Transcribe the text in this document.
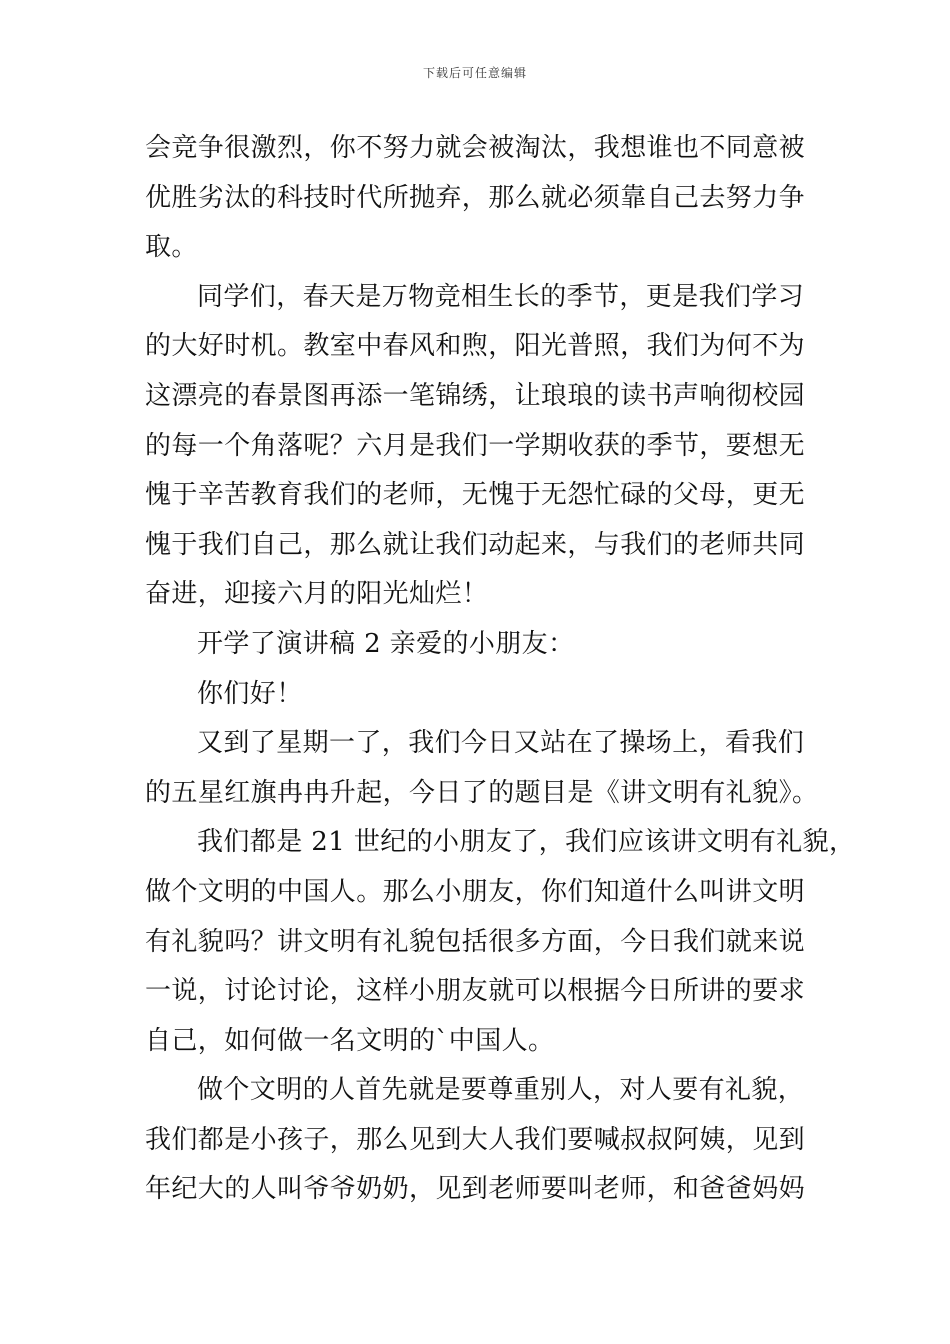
下载后可任意编辑
会竞争很激烈，你不努力就会被淘汰，我想谁也不同意被
优胜劣汰的科技时代所抛弃，那么就必须靠自己去努力争
取。
同学们，春天是万物竞相生长的季节，更是我们学习
的大好时机。教室中春风和煦，阳光普照，我们为何不为
这漂亮的春景图再添一笔锦绣，让琅琅的读书声响彻校园
的每一个角落呢？六月是我们一学期收获的季节，要想无
愧于辛苦教育我们的老师，无愧于无怨忙碌的父母，更无
愧于我们自己，那么就让我们动起来，与我们的老师共同
奋进，迎接六月的阳光灿烂！
开学了演讲稿 2 亲爱的小朋友：
你们好！
又到了星期一了，我们今日又站在了操场上，看我们
的五星红旗冉冉升起，今日了的题目是《讲文明有礼貌》。
我们都是 21 世纪的小朋友了，我们应该讲文明有礼貌，
做个文明的中国人。那么小朋友，你们知道什么叫讲文明
有礼貌吗？讲文明有礼貌包括很多方面，今日我们就来说
一说，讨论讨论，这样小朋友就可以根据今日所讲的要求
自己，如何做一名文明的`中国人。
做个文明的人首先就是要尊重别人，对人要有礼貌，
我们都是小孩子，那么见到大人我们要喊叔叔阿姨，见到
年纪大的人叫爷爷奶奶，见到老师要叫老师，和爸爸妈妈
